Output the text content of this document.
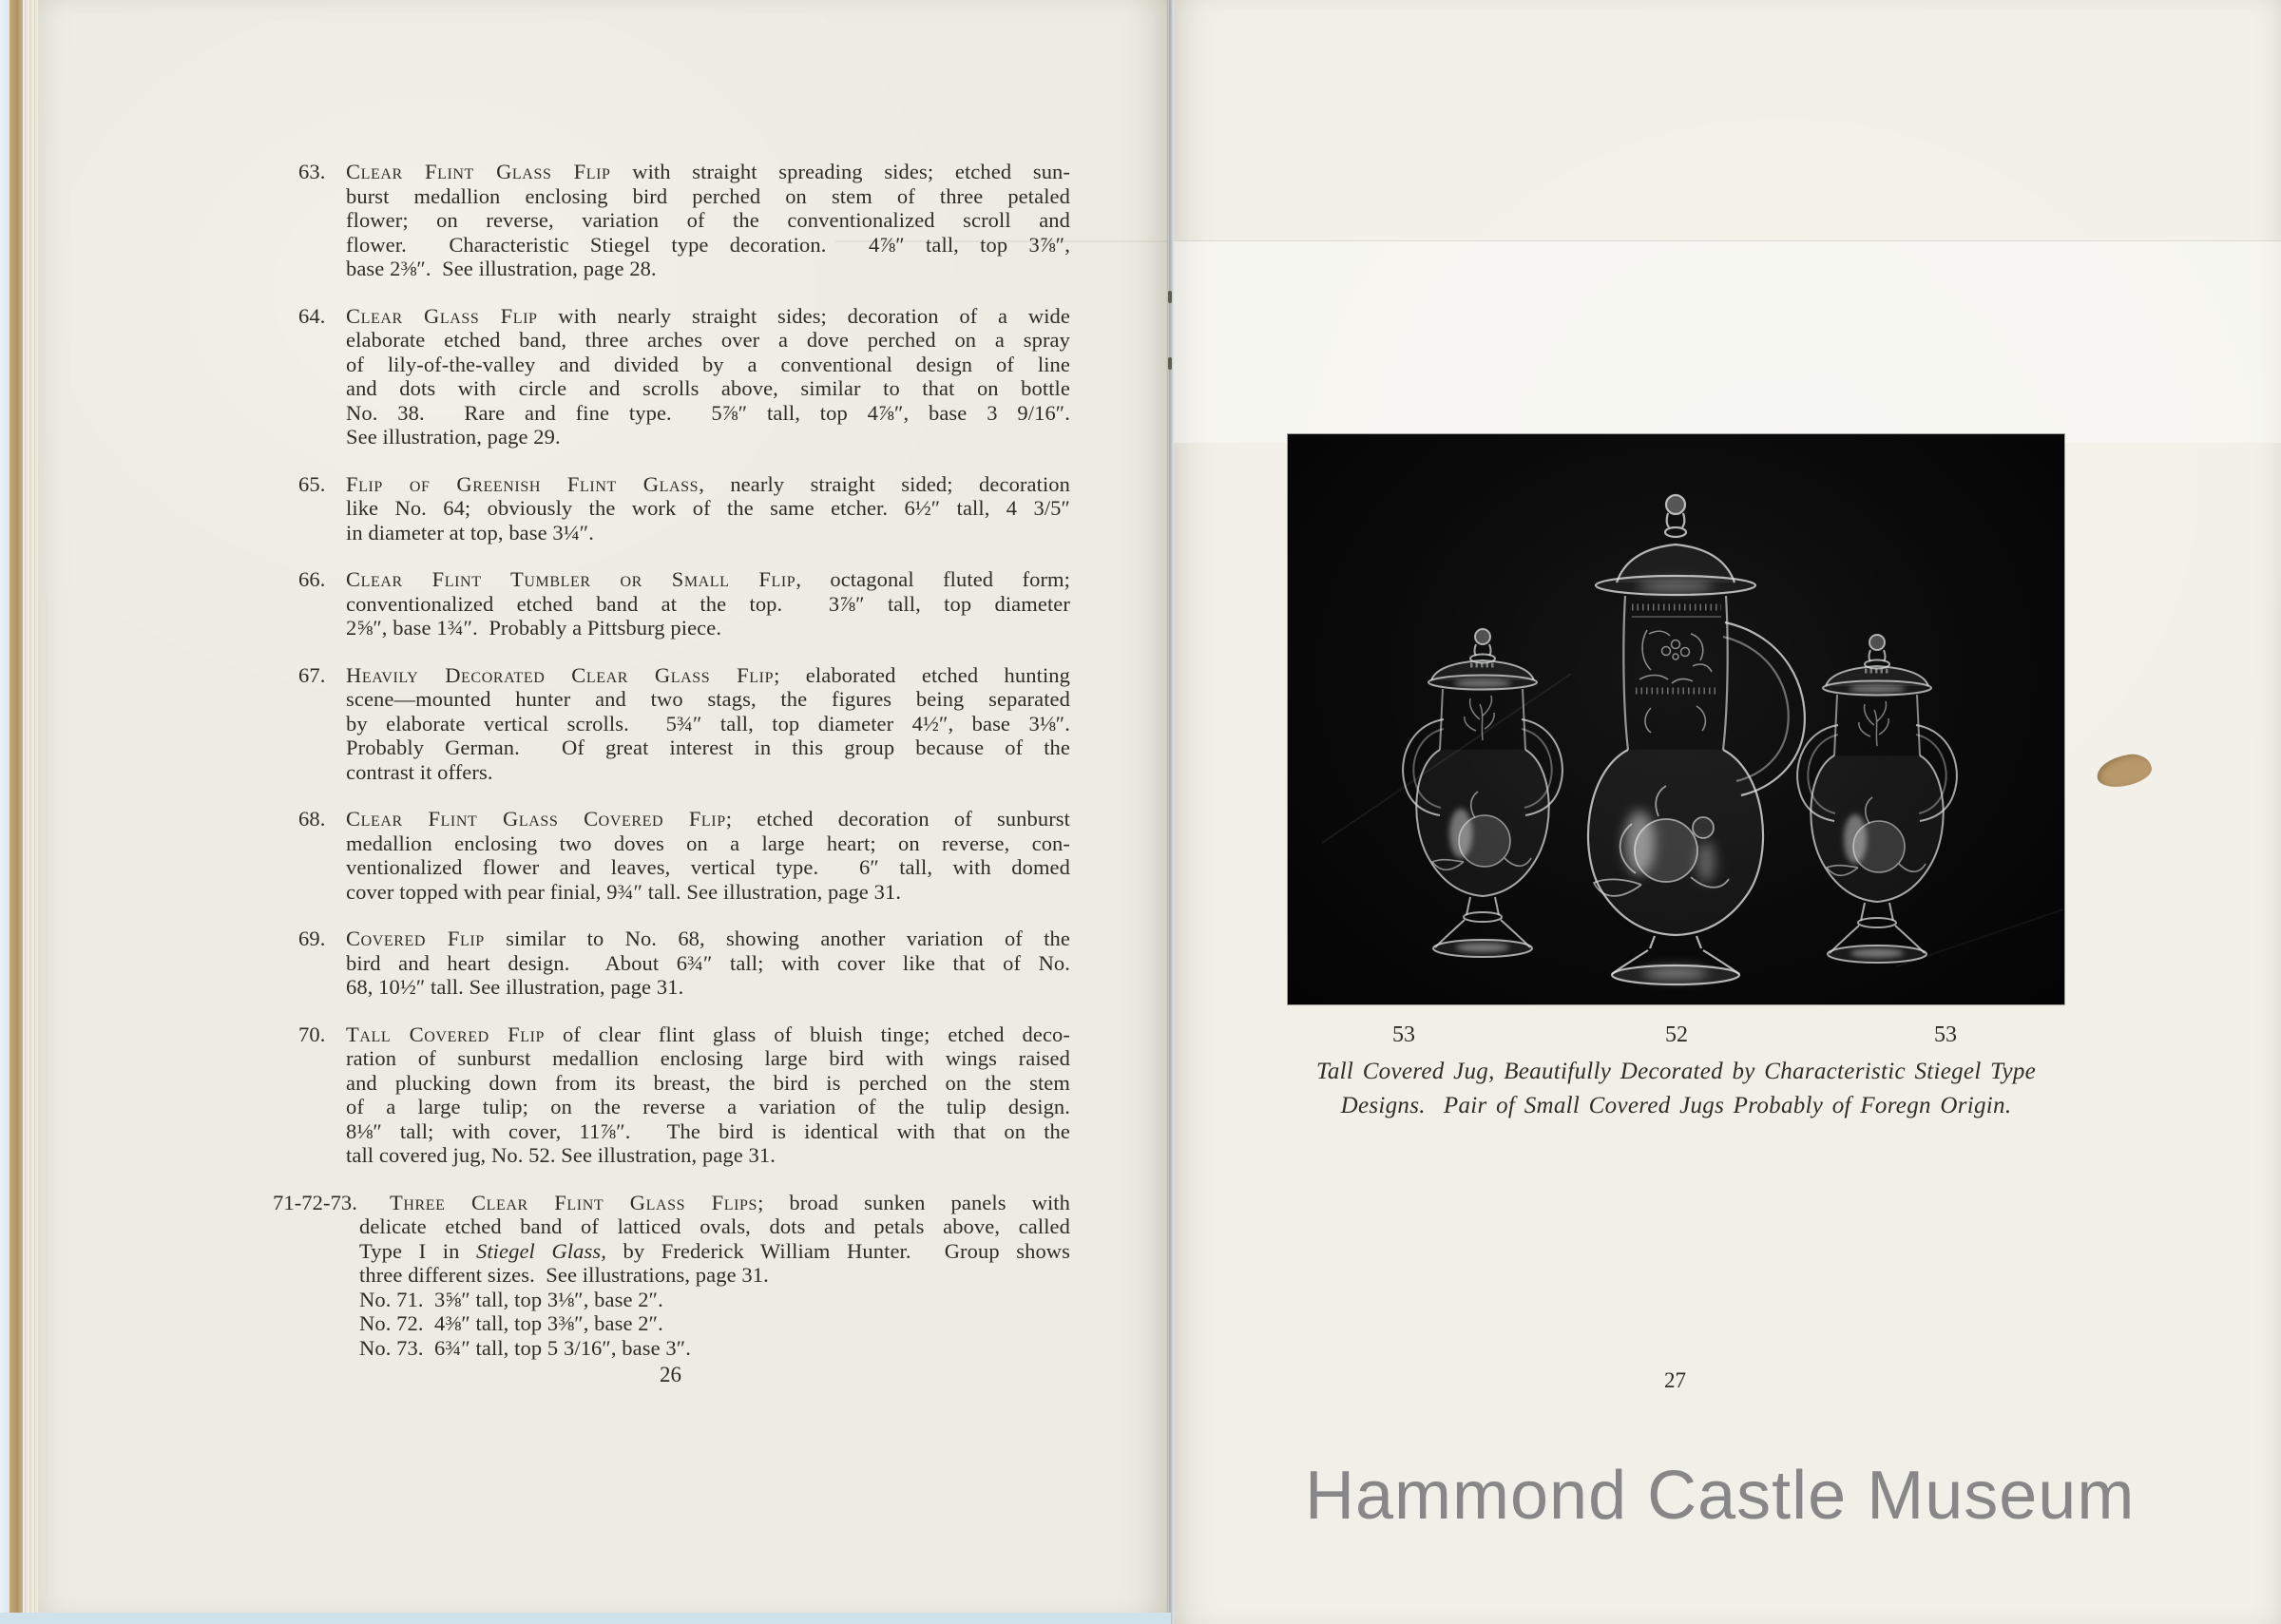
63. Clear Flint Glass Flip with straight spreading sides; etched sun-
burst medallion enclosing bird perched on stem of three petaled
flower; on reverse, variation of the conventionalized scroll and
flower.  Characteristic Stiegel type decoration.  4⅞″ tall, top 3⅞″,
base 2⅜″.  See illustration, page 28.
64. Clear Glass Flip with nearly straight sides; decoration of a wide
elaborate etched band, three arches over a dove perched on a spray
of lily-of-the-valley and divided by a conventional design of line
and dots with circle and scrolls above, similar to that on bottle
No. 38.  Rare and fine type.  5⅞″ tall, top 4⅞″, base 3 9/16″.
See illustration, page 29.
65. Flip of Greenish Flint Glass, nearly straight sided; decoration
like No. 64; obviously the work of the same etcher. 6½″ tall, 4 3/5″
in diameter at top, base 3¼″.
66. Clear Flint Tumbler or Small Flip, octagonal fluted form;
conventionalized etched band at the top.  3⅞″ tall, top diameter
2⅝″, base 1¾″.  Probably a Pittsburg piece.
67. Heavily Decorated Clear Glass Flip; elaborated etched hunting
scene—mounted hunter and two stags, the figures being separated
by elaborate vertical scrolls.  5¾″ tall, top diameter 4½″, base 3⅛″.
Probably German.  Of great interest in this group because of the
contrast it offers.
68. Clear Flint Glass Covered Flip; etched decoration of sunburst
medallion enclosing two doves on a large heart; on reverse, con-
ventionalized flower and leaves, vertical type.  6″ tall, with domed
cover topped with pear finial, 9¾″ tall. See illustration, page 31.
69. Covered Flip similar to No. 68, showing another variation of the
bird and heart design.  About 6¾″ tall; with cover like that of No.
68, 10½″ tall. See illustration, page 31.
70. Tall Covered Flip of clear flint glass of bluish tinge; etched deco-
ration of sunburst medallion enclosing large bird with wings raised
and plucking down from its breast, the bird is perched on the stem
of a large tulip; on the reverse a variation of the tulip design.
8⅛″ tall; with cover, 11⅞″.  The bird is identical with that on the
tall covered jug, No. 52. See illustration, page 31.
71-72-73.	Three Clear Flint Glass Flips; broad sunken panels with
delicate etched band of latticed ovals, dots and petals above, called
Type I in Stiegel Glass, by Frederick William Hunter.  Group shows
three different sizes.  See illustrations, page 31.
No. 71.  3⅝″ tall, top 3⅛″, base 2″.
No. 72.  4⅜″ tall, top 3⅜″, base 2″.
No. 73.  6¾″ tall, top 5 3/16″, base 3″.
26
53	52	53
Tall Covered Jug, Beautifully Decorated by Characteristic Stiegel Type
Designs.  Pair of Small Covered Jugs Probably of Foregn Origin.
27
Hammond Castle Museum
